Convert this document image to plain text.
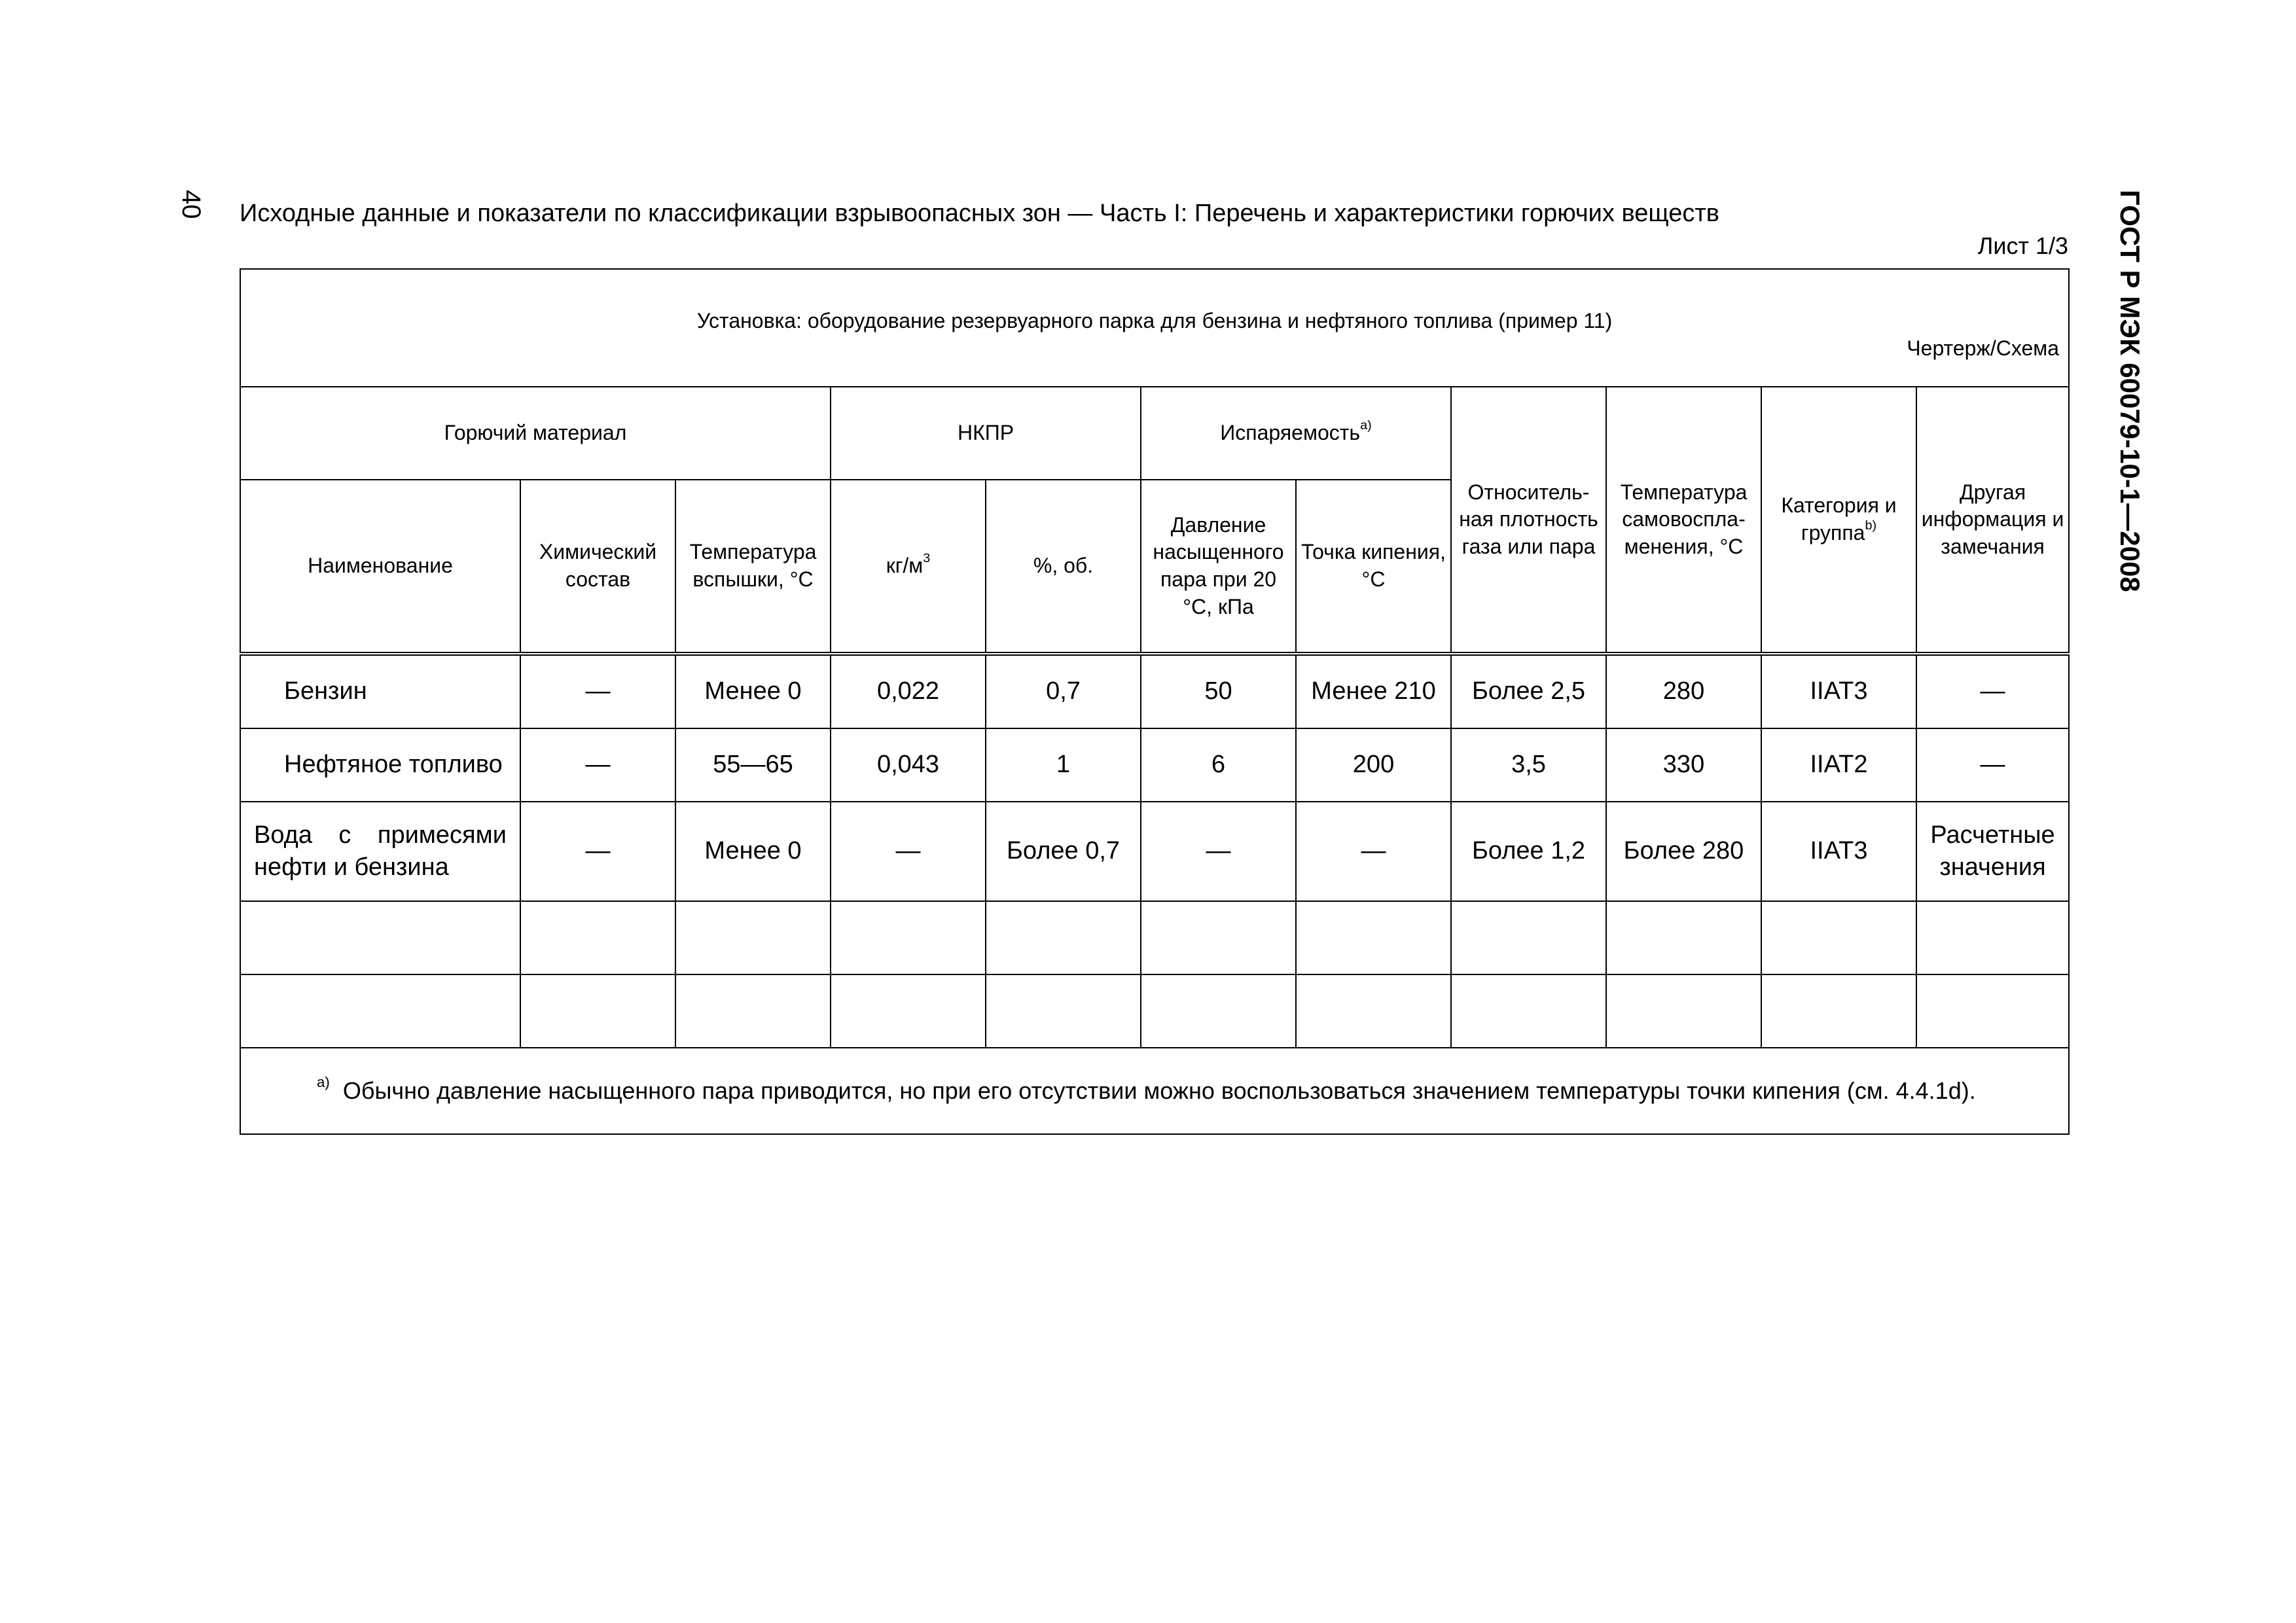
40 Исходные данные и показатели по классификации взрывоопасных зон — Часть I: Перечень и характеристики горючих веществ	ГОСТ Р МЭК 60079-10-1—2008
Лист 1/3
Установка: оборудование резервуарного парка для бензина и нефтяного топлива (пример 11)
Чертерж/Схема										

Горючий материал			НКПР		Испаряемость$^{а)}$		Относитель-ная плотность газа или пара	Температура самовоспла-менения, °С	Категория и группа$^{b)}$	Другая информация и замечания
Наименование	Химический состав	Температура вспышки, °С	$кг/м^3$	%, об.	Давление насыщенного пара при 20 °С, кПа	Точка кипения, °С				
Бензин	—	Менее 0	0,022	0,7	50	Менее 210	Более 2,5	280	IIAT3	—
Нефтяное топливо	—	55—65	0,043	1	6	200	3,5	330	IIAT2	—
Вода с примесями нефти и бензина	—	Менее 0	—	Более 0,7	—	—	Более 1,2	Более 280	IIAT3	Расчетные значения

$^{а)}$ Обычно давление насыщенного пара приводится, но при его отсутствии можно воспользоваться значением температуры точки кипения (см. 4.4.1d).										
